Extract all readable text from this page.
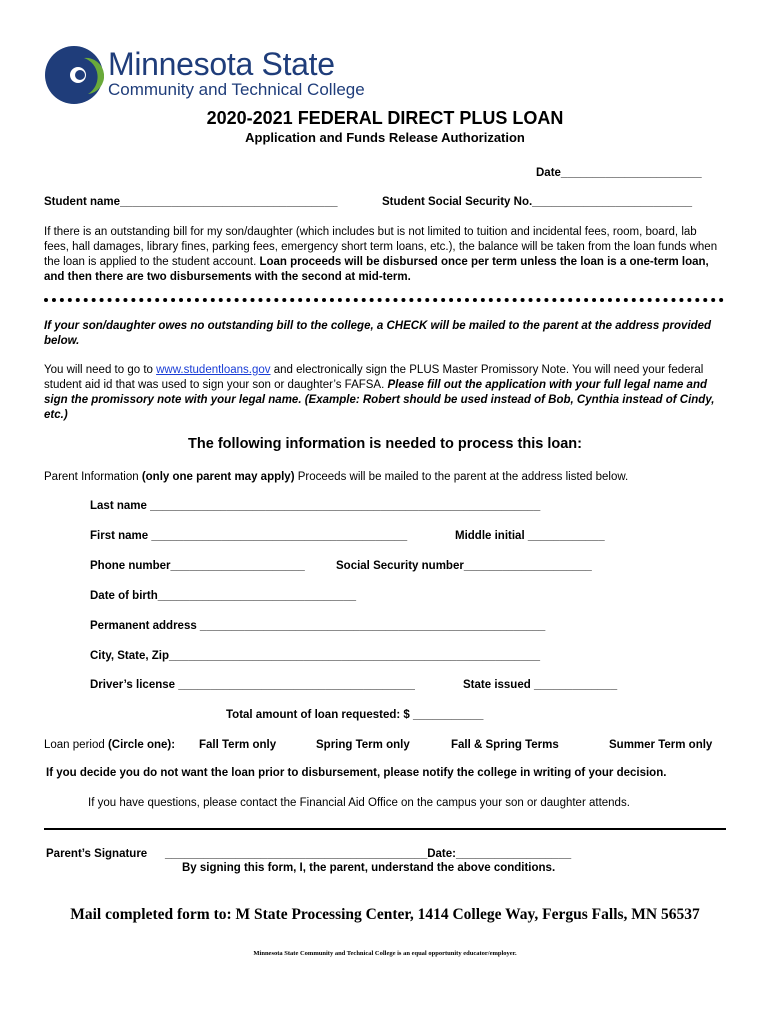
Minnesota State
Community and Technical College
2020-2021 FEDERAL DIRECT PLUS LOAN
Application and Funds Release Authorization
Date______________________
Student name__________________________________	Student Social Security No._________________________
If there is an outstanding bill for my son/daughter (which includes but is not limited to tuition and incidental fees, room, board, lab fees, hall damages, library fines, parking fees, emergency short term loans, etc.), the balance will be taken from the loan funds when the loan is applied to the student account. Loan proceeds will be disbursed once per term unless the loan is a one-term loan, and then there are two disbursements with the second at mid-term.
If your son/daughter owes no outstanding bill to the college, a CHECK will be mailed to the parent at the address provided below.
You will need to go to www.studentloans.gov and electronically sign the PLUS Master Promissory Note. You will need your federal student aid id that was used to sign your son or daughter’s FAFSA. Please fill out the application with your full legal name and sign the promissory note with your legal name. (Example: Robert should be used instead of Bob, Cynthia instead of Cindy, etc.)
The following information is needed to process this loan:
Parent Information (only one parent may apply) Proceeds will be mailed to the parent at the address listed below.
Last name _____________________________________________________________
First name ________________________________________	Middle initial ____________
Phone number_____________________	Social Security number____________________
Date of birth_______________________________
Permanent address ______________________________________________________
City, State, Zip__________________________________________________________
Driver’s license _____________________________________	State issued _____________
Total amount of loan requested: $ ___________
Loan period (Circle one): Fall Term only	Spring Term only	Fall & Spring Terms	Summer Term only
If you decide you do not want the loan prior to disbursement, please notify the college in writing of your decision.
If you have questions, please contact the Financial Aid Office on the campus your son or daughter attends.
Parent’s Signature _________________________________________Date:__________________
By signing this form, I, the parent, understand the above conditions.
Mail completed form to: M State Processing Center, 1414 College Way, Fergus Falls, MN 56537
Minnesota State Community and Technical College is an equal opportunity educator/employer.
